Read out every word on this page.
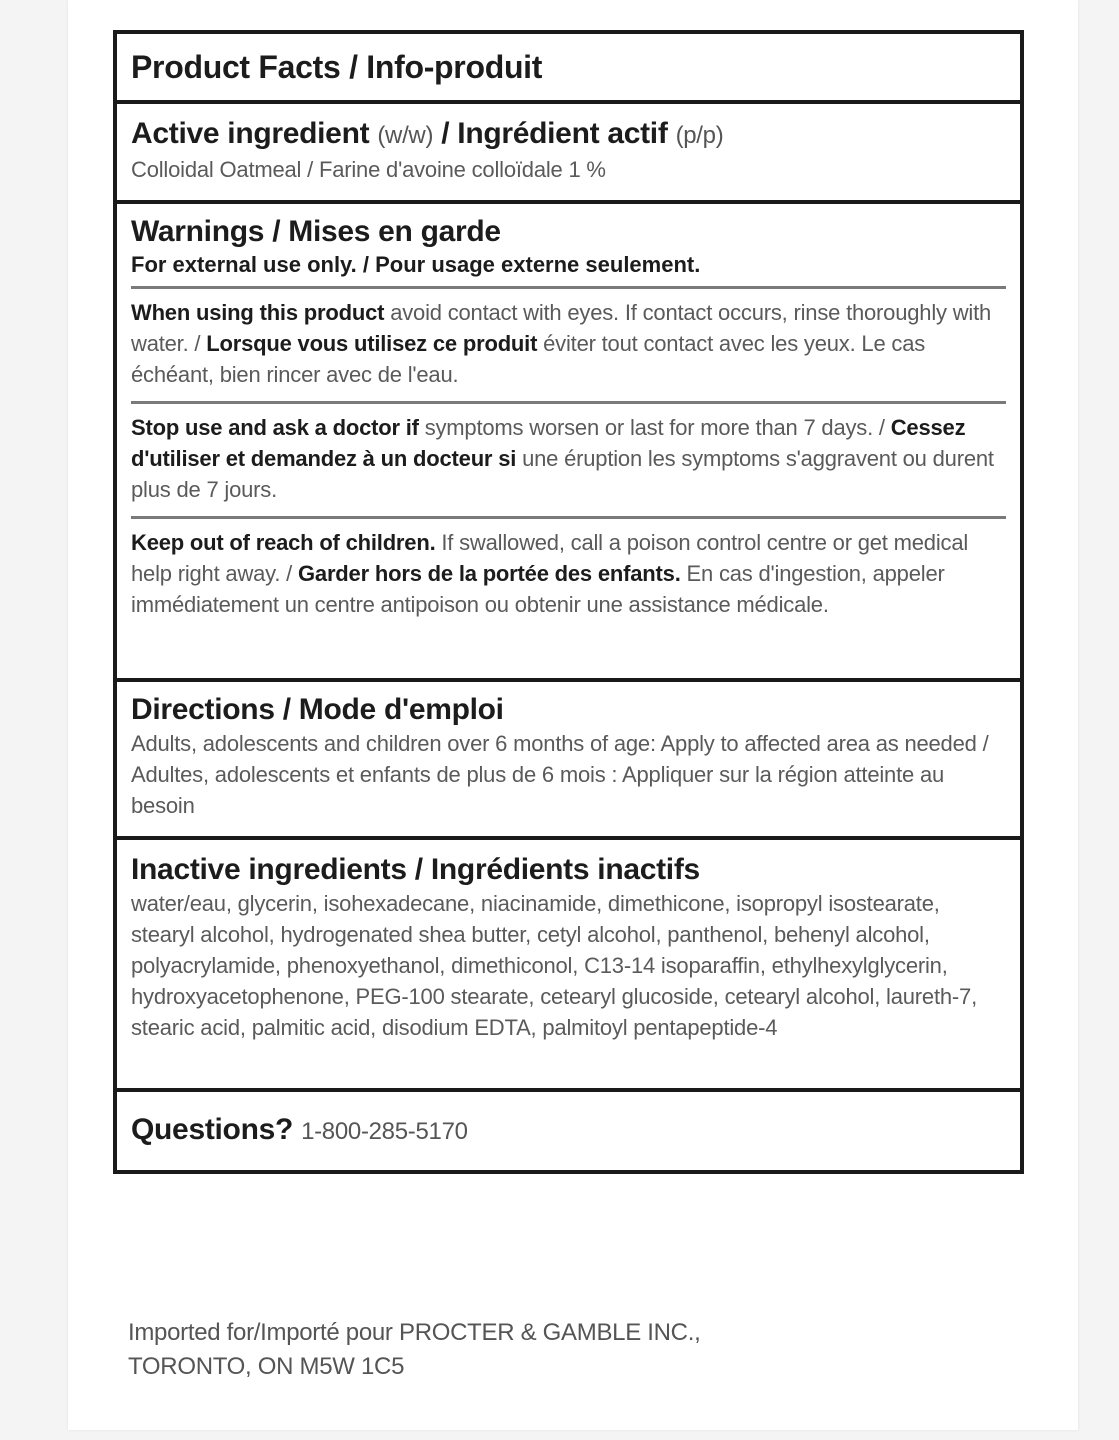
Product Facts / Info-produit
Active ingredient (w/w) / Ingrédient actif (p/p)
Colloidal Oatmeal / Farine d'avoine colloïdale 1 %
Warnings / Mises en garde
For external use only. / Pour usage externe seulement.
When using this product avoid contact with eyes. If contact occurs, rinse thoroughly with water. / Lorsque vous utilisez ce produit éviter tout contact avec les yeux. Le cas échéant, bien rincer avec de l'eau.
Stop use and ask a doctor if symptoms worsen or last for more than 7 days. / Cessez d'utiliser et demandez à un docteur si une éruption les symptoms s'aggravent ou durent plus de 7 jours.
Keep out of reach of children. If swallowed, call a poison control centre or get medical help right away. / Garder hors de la portée des enfants. En cas d'ingestion, appeler immédiatement un centre antipoison ou obtenir une assistance médicale.
Directions / Mode d'emploi
Adults, adolescents and children over 6 months of age: Apply to affected area as needed / Adultes, adolescents et enfants de plus de 6 mois : Appliquer sur la région atteinte au besoin
Inactive ingredients / Ingrédients inactifs
water/eau, glycerin, isohexadecane, niacinamide, dimethicone, isopropyl isostearate, stearyl alcohol, hydrogenated shea butter, cetyl alcohol, panthenol, behenyl alcohol, polyacrylamide, phenoxyethanol, dimethiconol, C13-14 isoparaffin, ethylhexylglycerin, hydroxyacetophenone, PEG-100 stearate, cetearyl glucoside, cetearyl alcohol, laureth-7, stearic acid, palmitic acid, disodium EDTA, palmitoyl pentapeptide-4
Questions? 1-800-285-5170
Imported for/Importé pour PROCTER & GAMBLE INC.,
TORONTO, ON M5W 1C5
